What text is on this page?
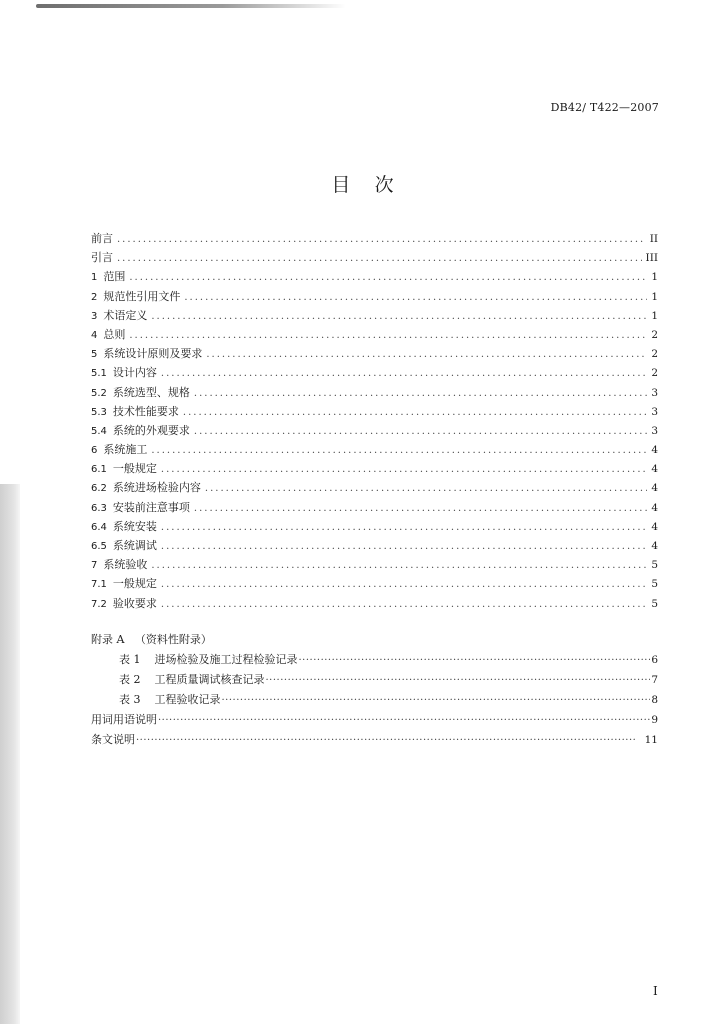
DB42/ T422—2007
目    次
前言 .....	II
引言 .....	III
1 范围 .....	1
2 规范性引用文件 .....	1
3 术语定义 .....	1
4 总则 .....	2
5 系统设计原则及要求 .....	2
5.1 设计内容 .....	2
5.2 系统选型、规格 .....	3
5.3 技术性能要求 .....	3
5.4 系统的外观要求 .....	3
6 系统施工 .....	4
6.1 一般规定 .....	4
6.2 系统进场检验内容 .....	4
6.3 安装前注意事项 .....	4
6.4 系统安装 .....	4
6.5 系统调试 .....	4
7 系统验收 .....	5
7.1 一般规定 .....	5
7.2 验收要求 .....	5
附录 A   （资料性附录）
表 1 进场检验及施工过程检验记录 ·····	6
表 2 工程质量调试核查记录 ·····	7
表 3 工程验收记录 ·····	8
用词用语说明 ·····	9
条文说明 ·····	11
I
